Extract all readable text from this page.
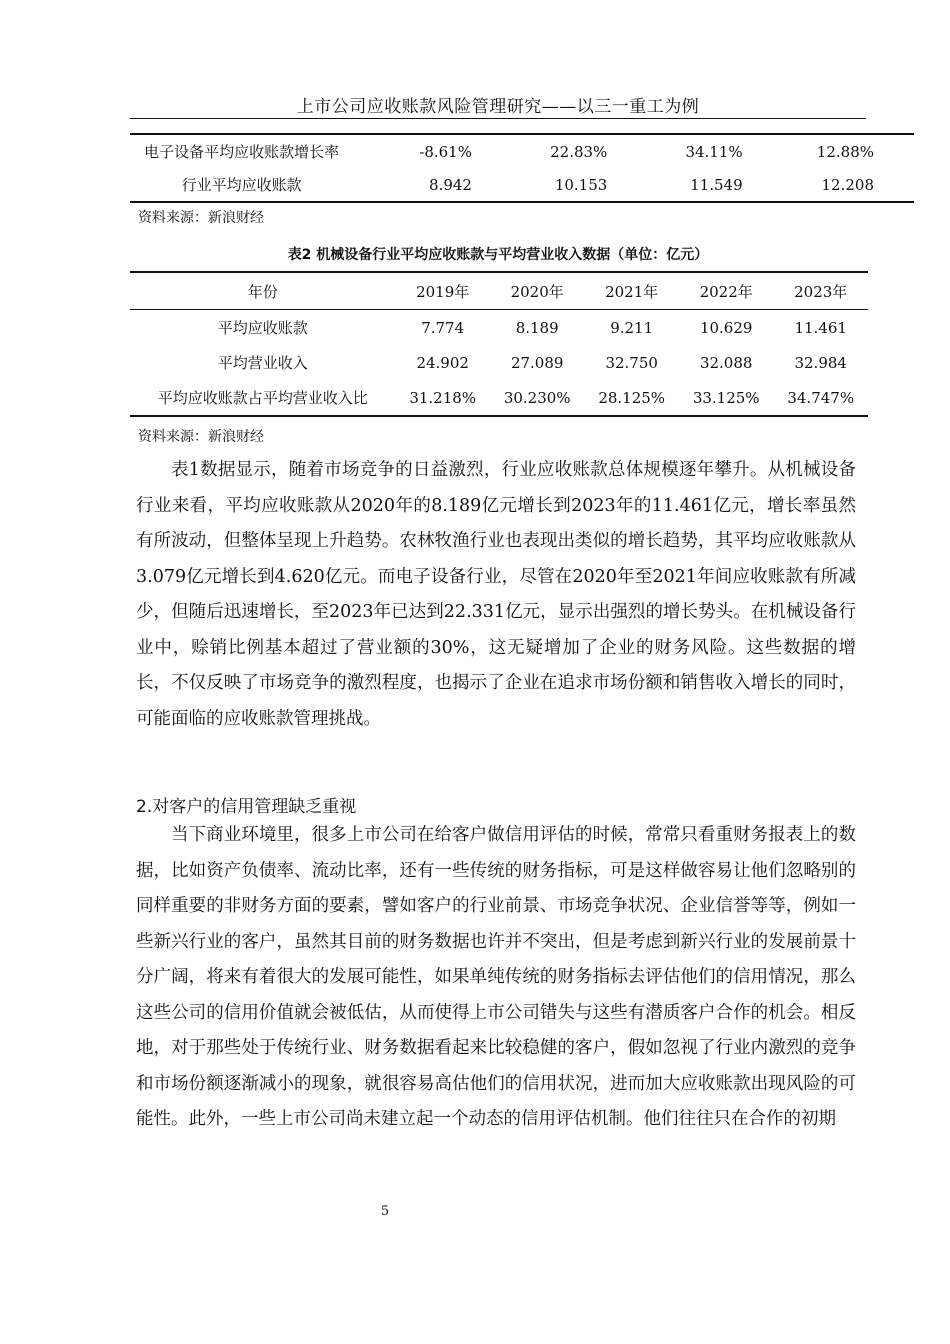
上市公司应收账款风险管理研究——以三一重工为例
电子设备平均应收账款增长率	-8.61%	22.83%	34.11%	12.88%
行业平均应收账款	8.942	10.153	11.549	12.208
资料来源：新浪财经
表2 机械设备行业平均应收账款与平均营业收入数据（单位：亿元）
年份	2019年	2020年	2021年	2022年	2023年
平均应收账款	7.774	8.189	9.211	10.629	11.461
平均营业收入	24.902	27.089	32.750	32.088	32.984
平均应收账款占平均营业收入比	31.218%	30.230%	28.125%	33.125%	34.747%
资料来源：新浪财经

表1数据显示，随着市场竞争的日益激烈，行业应收账款总体规模逐年攀升。从机械设备行业来看，平均应收账款从2020年的8.189亿元增长到2023年的11.461亿元，增长率虽然有所波动，但整体呈现上升趋势。农林牧渔行业也表现出类似的增长趋势，其平均应收账款从3.079亿元增长到4.620亿元。而电子设备行业，尽管在2020年至2021年间应收账款有所减少，但随后迅速增长，至2023年已达到22.331亿元，显示出强烈的增长势头。在机械设备行业中，赊销比例基本超过了营业额的30%，这无疑增加了企业的财务风险。这些数据的增长，不仅反映了市场竞争的激烈程度，也揭示了企业在追求市场份额和销售收入增长的同时，可能面临的应收账款管理挑战。

2.对客户的信用管理缺乏重视

当下商业环境里，很多上市公司在给客户做信用评估的时候，常常只看重财务报表上的数据，比如资产负债率、流动比率，还有一些传统的财务指标，可是这样做容易让他们忽略别的同样重要的非财务方面的要素，譬如客户的行业前景、市场竞争状况、企业信誉等等，例如一些新兴行业的客户，虽然其目前的财务数据也许并不突出，但是考虑到新兴行业的发展前景十分广阔，将来有着很大的发展可能性，如果单纯传统的财务指标去评估他们的信用情况，那么这些公司的信用价值就会被低估，从而使得上市公司错失与这些有潜质客户合作的机会。相反地，对于那些处于传统行业、财务数据看起来比较稳健的客户，假如忽视了行业内激烈的竞争和市场份额逐渐减小的现象，就很容易高估他们的信用状况，进而加大应收账款出现风险的可能性。此外，一些上市公司尚未建立起一个动态的信用评估机制。他们往往只在合作的初期

5
